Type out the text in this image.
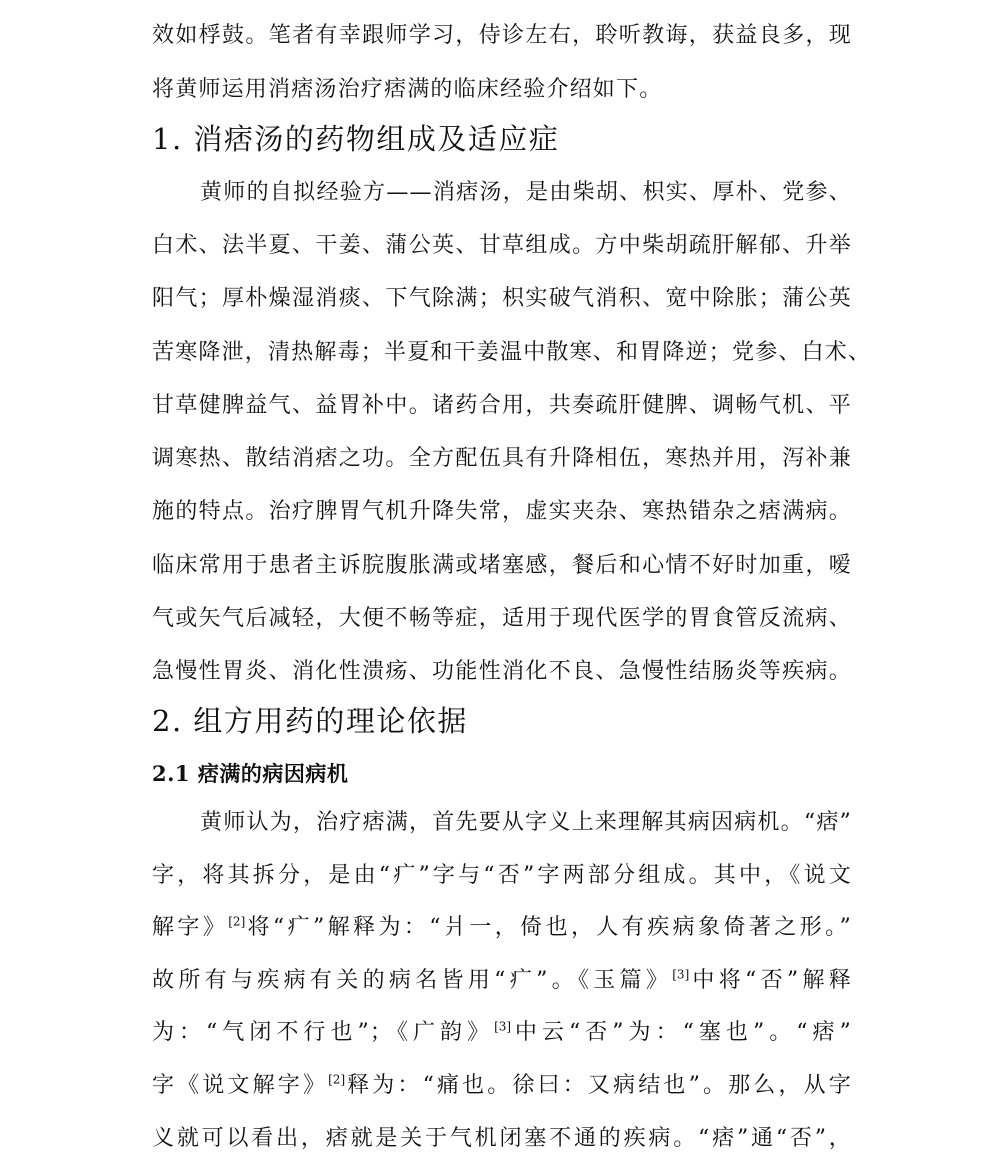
效如桴鼓。笔者有幸跟师学习，侍诊左右，聆听教诲，获益良多，现
将黄师运用消痞汤治疗痞满的临床经验介绍如下。
1. 消痞汤的药物组成及适应症
黄师的自拟经验方——消痞汤，是由柴胡、枳实、厚朴、党参、
白术、法半夏、干姜、蒲公英、甘草组成。方中柴胡疏肝解郁、升举
阳气；厚朴燥湿消痰、下气除满；枳实破气消积、宽中除胀；蒲公英
苦寒降泄，清热解毒；半夏和干姜温中散寒、和胃降逆；党参、白术、
甘草健脾益气、益胃补中。诸药合用，共奏疏肝健脾、调畅气机、平
调寒热、散结消痞之功。全方配伍具有升降相伍，寒热并用，泻补兼
施的特点。治疗脾胃气机升降失常，虚实夹杂、寒热错杂之痞满病。
临床常用于患者主诉脘腹胀满或堵塞感，餐后和心情不好时加重，嗳
气或矢气后减轻，大便不畅等症，适用于现代医学的胃食管反流病、
急慢性胃炎、消化性溃疡、功能性消化不良、急慢性结肠炎等疾病。
2. 组方用药的理论依据
2.1 痞满的病因病机
黄师认为，治疗痞满，首先要从字义上来理解其病因病机。“痞”
字，将其拆分，是由“疒”字与“否”字两部分组成。其中，《说文
解字》[2]将“疒”解释为：“爿一，倚也，人有疾病象倚著之形。”
故所有与疾病有关的病名皆用“疒”。《玉篇》[3]中将“否”解释
为：“气闭不行也”；《广韵》[3]中云“否”为：“塞也”。“痞”
字《说文解字》[2]释为：“痛也。徐曰：又病结也”。那么，从字
义就可以看出，痞就是关于气机闭塞不通的疾病。“痞”通“否”，
